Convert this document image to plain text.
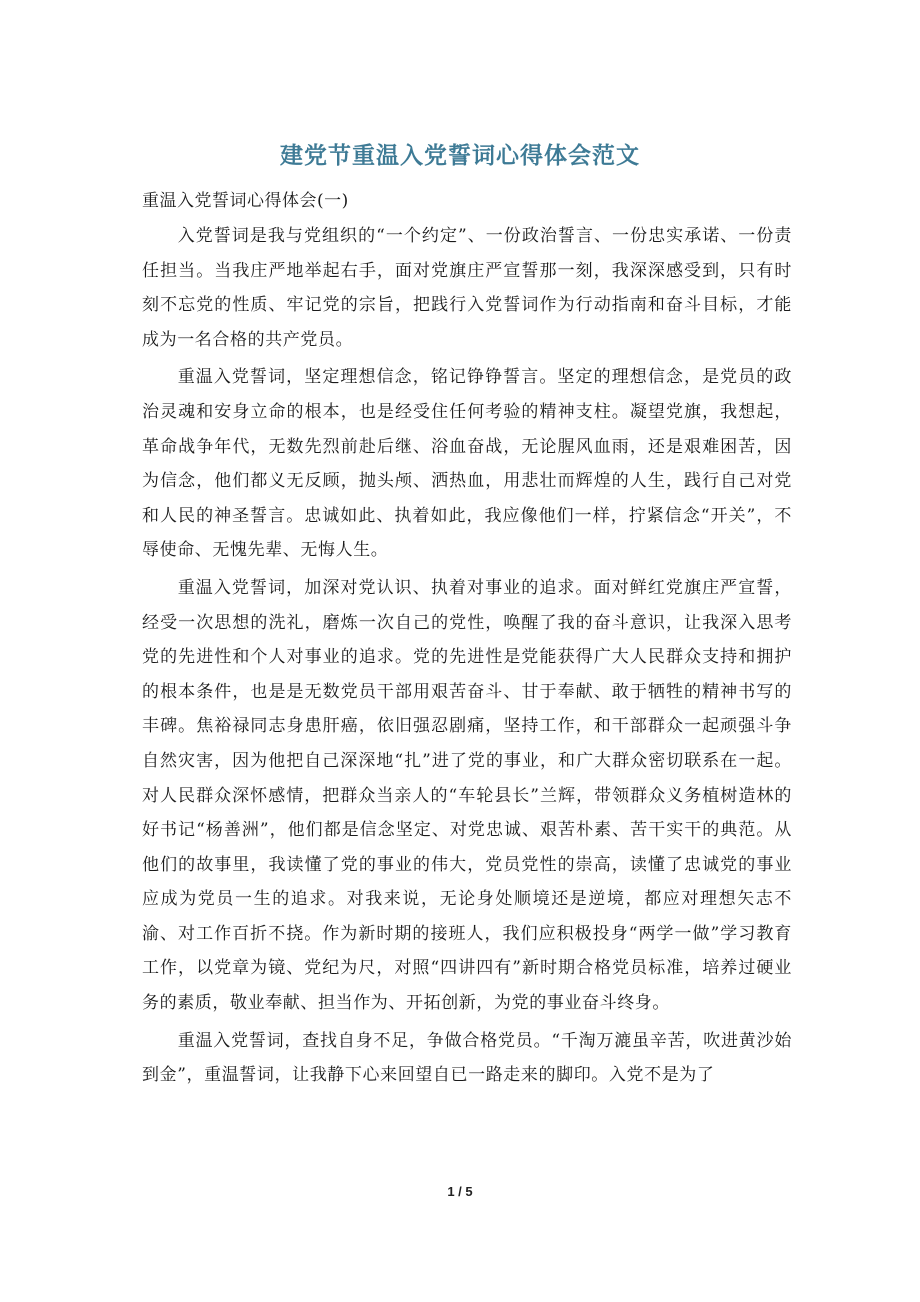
建党节重温入党誓词心得体会范文

重温入党誓词心得体会(一)

入党誓词是我与党组织的“一个约定”、一份政治誓言、一份忠实承诺、一份责任担当。当我庄严地举起右手，面对党旗庄严宣誓那一刻，我深深感受到，只有时刻不忘党的性质、牢记党的宗旨，把践行入党誓词作为行动指南和奋斗目标，才能成为一名合格的共产党员。

重温入党誓词，坚定理想信念，铭记铮铮誓言。坚定的理想信念，是党员的政治灵魂和安身立命的根本，也是经受住任何考验的精神支柱。凝望党旗，我想起，革命战争年代，无数先烈前赴后继、浴血奋战，无论腥风血雨，还是艰难困苦，因为信念，他们都义无反顾，抛头颅、洒热血，用悲壮而辉煌的人生，践行自己对党和人民的神圣誓言。忠诚如此、执着如此，我应像他们一样，拧紧信念“开关”，不辱使命、无愧先辈、无悔人生。

重温入党誓词，加深对党认识、执着对事业的追求。面对鲜红党旗庄严宣誓，经受一次思想的洗礼，磨炼一次自己的党性，唤醒了我的奋斗意识，让我深入思考党的先进性和个人对事业的追求。党的先进性是党能获得广大人民群众支持和拥护的根本条件，也是是无数党员干部用艰苦奋斗、甘于奉献、敢于牺牲的精神书写的丰碑。焦裕禄同志身患肝癌，依旧强忍剧痛，坚持工作，和干部群众一起顽强斗争自然灾害，因为他把自己深深地“扎”进了党的事业，和广大群众密切联系在一起。对人民群众深怀感情，把群众当亲人的“车轮县长”兰辉，带领群众义务植树造林的好书记“杨善洲”，他们都是信念坚定、对党忠诚、艰苦朴素、苦干实干的典范。从他们的故事里，我读懂了党的事业的伟大，党员党性的崇高，读懂了忠诚党的事业应成为党员一生的追求。对我来说，无论身处顺境还是逆境，都应对理想矢志不渝、对工作百折不挠。作为新时期的接班人，我们应积极投身“两学一做”学习教育工作，以党章为镜、党纪为尺，对照“四讲四有”新时期合格党员标准，培养过硬业务的素质，敬业奉献、担当作为、开拓创新，为党的事业奋斗终身。

重温入党誓词，查找自身不足，争做合格党员。“千淘万漉虽辛苦，吹进黄沙始到金”，重温誓词，让我静下心来回望自已一路走来的脚印。入党不是为了

1 / 5
